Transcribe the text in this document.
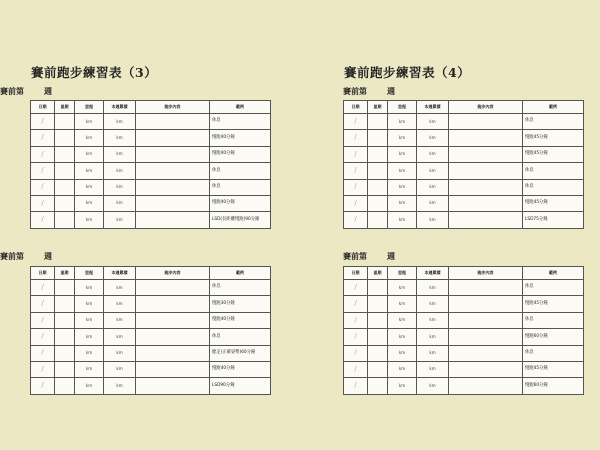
賽前跑步練習表（3）
賽前第	週
日期	星期	里程	本週累積	跑步內容	範例
/		km	km		休息
/		km	km		慢跑40分鐘
/		km	km		慢跑40分鐘
/		km	km		休息
/		km	km		休息
/		km	km		慢跑40分鐘
/		km	km		LSD(長距離慢跑)90分鐘
賽前第	週
日期	星期	里程	本週累積	跑步內容	範例
/		km	km		休息
/		km	km		慢跑30分鐘
/		km	km		慢跑40分鐘
/		km	km		休息
/		km	km		健走(正確姿勢)60分鐘
/		km	km		慢跑40分鐘
/		km	km		LSD90分鐘
賽前跑步練習表（4）
賽前第	週
日期	星期	里程	本週累積	跑步內容	範例
/		km	km		休息
/		km	km		慢跑45分鐘
/		km	km		慢跑45分鐘
/		km	km		休息
/		km	km		休息
/		km	km		慢跑45分鐘
/		km	km		LSD75分鐘
賽前第	週
日期	星期	里程	本週累積	跑步內容	範例
/		km	km		休息
/		km	km		慢跑45分鐘
/		km	km		休息
/		km	km		慢跑60分鐘
/		km	km		休息
/		km	km		慢跑45分鐘
/		km	km		慢跑60分鐘
